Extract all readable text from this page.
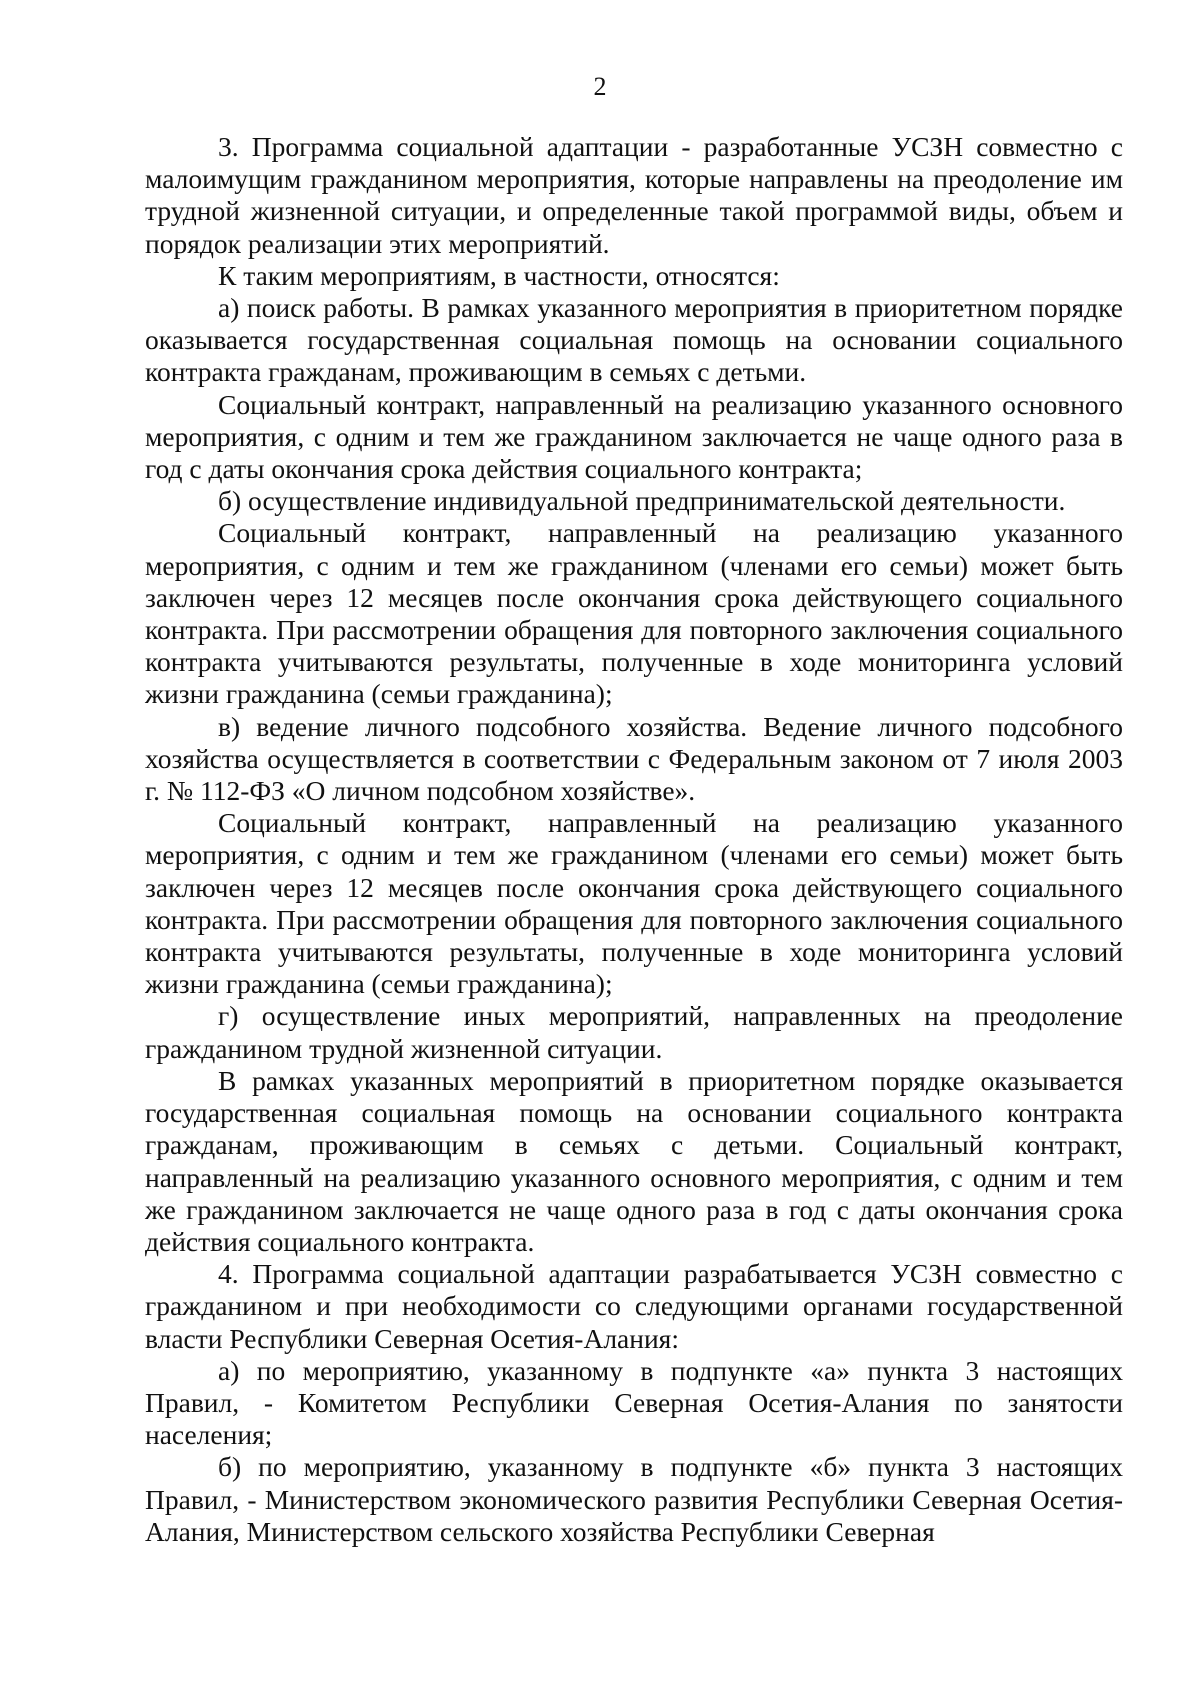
2

3. Программа социальной адаптации - разработанные УСЗН совместно с малоимущим гражданином мероприятия, которые направлены на преодоление им трудной жизненной ситуации, и определенные такой программой виды, объем и порядок реализации этих мероприятий.

К таким мероприятиям, в частности, относятся:

а) поиск работы. В рамках указанного мероприятия в приоритетном порядке оказывается государственная социальная помощь на основании социального контракта гражданам, проживающим в семьях с детьми.

Социальный контракт, направленный на реализацию указанного основного мероприятия, с одним и тем же гражданином заключается не чаще одного раза в год с даты окончания срока действия социального контракта;

б) осуществление индивидуальной предпринимательской деятельности.

Социальный контракт, направленный на реализацию указанного мероприятия, с одним и тем же гражданином (членами его семьи) может быть заключен через 12 месяцев после окончания срока действующего социального контракта. При рассмотрении обращения для повторного заключения социального контракта учитываются результаты, полученные в ходе мониторинга условий жизни гражданина (семьи гражданина);

в) ведение личного подсобного хозяйства. Ведение личного подсобного хозяйства осуществляется в соответствии с Федеральным законом от 7 июля 2003 г. № 112-ФЗ «О личном подсобном хозяйстве».

Социальный контракт, направленный на реализацию указанного мероприятия, с одним и тем же гражданином (членами его семьи) может быть заключен через 12 месяцев после окончания срока действующего социального контракта. При рассмотрении обращения для повторного заключения социального контракта учитываются результаты, полученные в ходе мониторинга условий жизни гражданина (семьи гражданина);

г) осуществление иных мероприятий, направленных на преодоление гражданином трудной жизненной ситуации.

В рамках указанных мероприятий в приоритетном порядке оказывается государственная социальная помощь на основании социального контракта гражданам, проживающим в семьях с детьми. Социальный контракт, направленный на реализацию указанного основного мероприятия, с одним и тем же гражданином заключается не чаще одного раза в год с даты окончания срока действия социального контракта.

4. Программа социальной адаптации разрабатывается УСЗН совместно с гражданином и при необходимости со следующими органами государственной власти Республики Северная Осетия-Алания:

а) по мероприятию, указанному в подпункте «а» пункта 3 настоящих Правил, - Комитетом Республики Северная Осетия-Алания по занятости населения;

б) по мероприятию, указанному в подпункте «б» пункта 3 настоящих Правил, - Министерством экономического развития Республики Северная Осетия-Алания, Министерством сельского хозяйства Республики Северная
